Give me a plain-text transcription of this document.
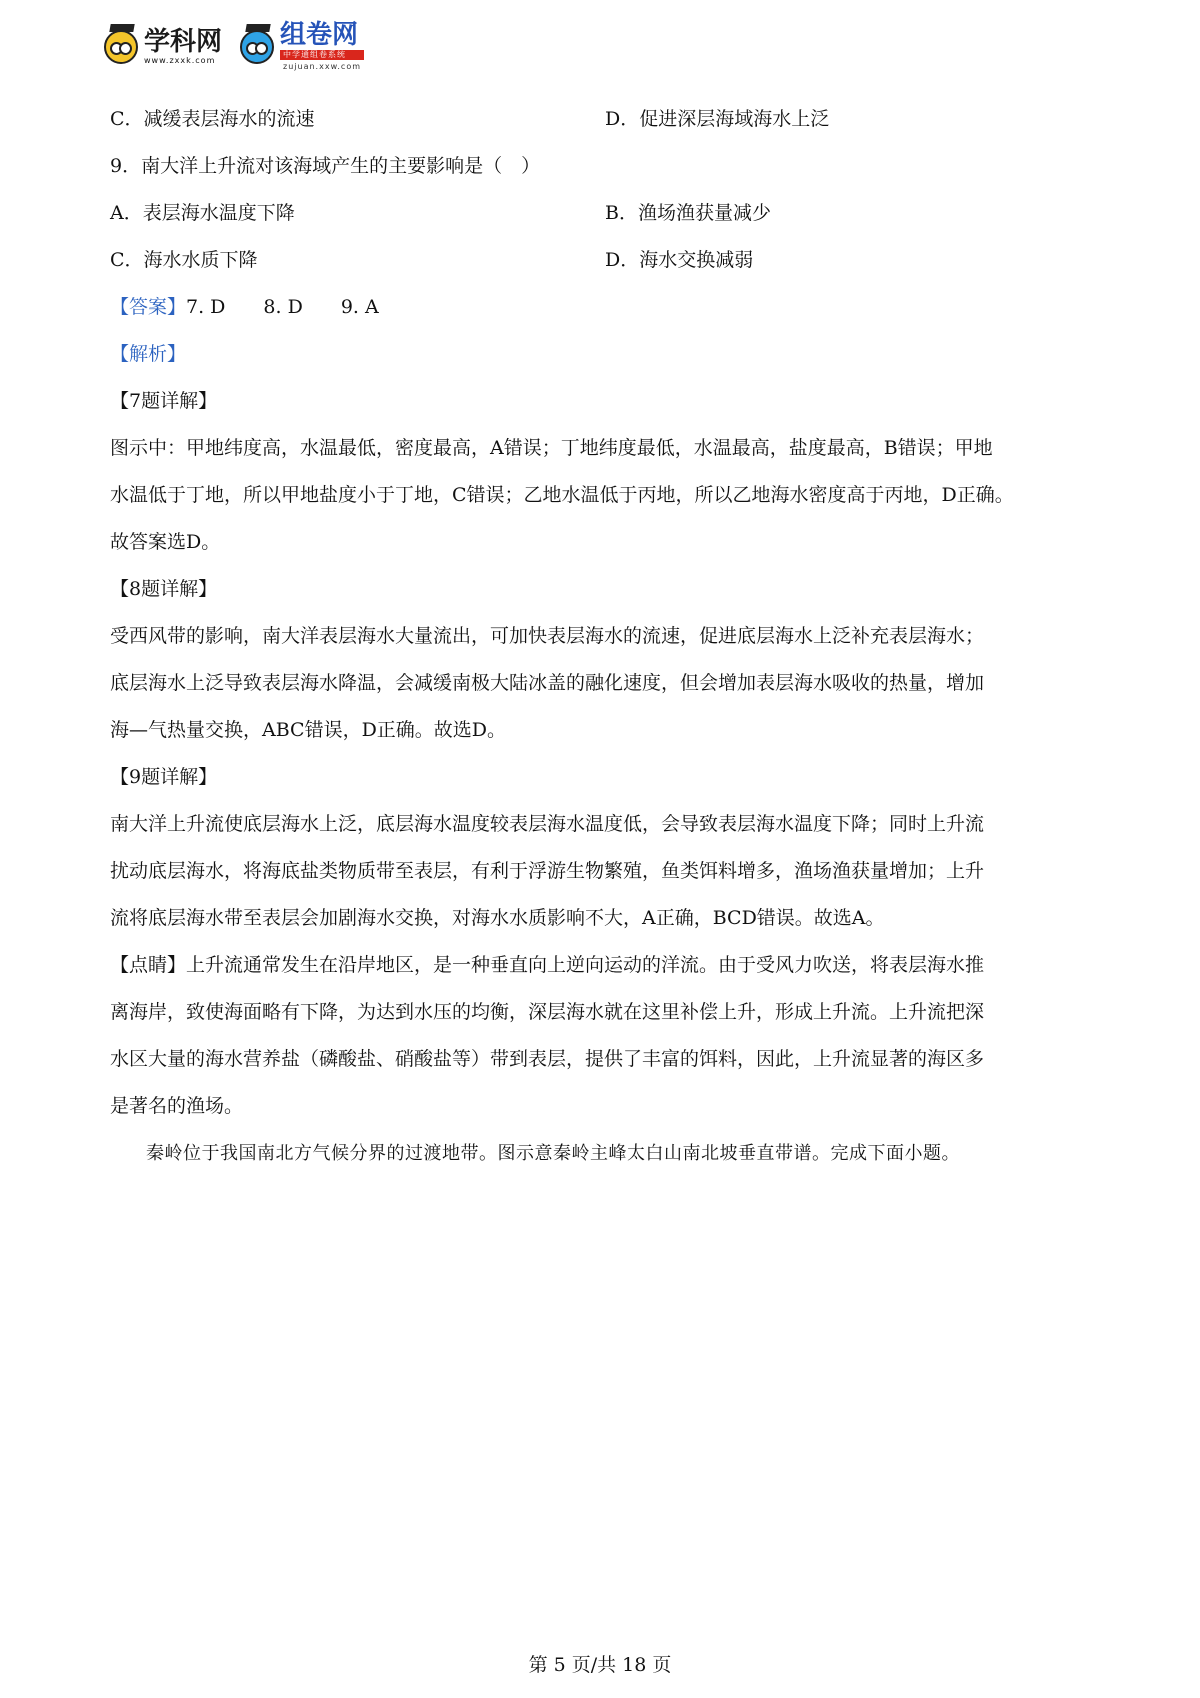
学科网
www.zxxk.com
组卷网
中学通组卷系统
zujuan.xxw.com
C．减缓表层海水的流速	D．促进深层海域海水上泛
9．南大洋上升流对该海域产生的主要影响是（　）
A．表层海水温度下降	B．渔场渔获量减少
C．海水水质下降	D．海水交换减弱
【答案】7. D　　8. D　　9. A
【解析】
【7题详解】
图示中：甲地纬度高，水温最低，密度最高，A错误；丁地纬度最低，水温最高，盐度最高，B错误；甲地
水温低于丁地，所以甲地盐度小于丁地，C错误；乙地水温低于丙地，所以乙地海水密度高于丙地，D正确。
故答案选D。
【8题详解】
受西风带的影响，南大洋表层海水大量流出，可加快表层海水的流速，促进底层海水上泛补充表层海水；
底层海水上泛导致表层海水降温，会减缓南极大陆冰盖的融化速度，但会增加表层海水吸收的热量，增加
海—气热量交换，ABC错误，D正确。故选D。
【9题详解】
南大洋上升流使底层海水上泛，底层海水温度较表层海水温度低，会导致表层海水温度下降；同时上升流
扰动底层海水，将海底盐类物质带至表层，有利于浮游生物繁殖，鱼类饵料增多，渔场渔获量增加；上升
流将底层海水带至表层会加剧海水交换，对海水水质影响不大，A正确，BCD错误。故选A。
【点睛】上升流通常发生在沿岸地区，是一种垂直向上逆向运动的洋流。由于受风力吹送，将表层海水推
离海岸，致使海面略有下降，为达到水压的均衡，深层海水就在这里补偿上升，形成上升流。上升流把深
水区大量的海水营养盐（磷酸盐、硝酸盐等）带到表层，提供了丰富的饵料，因此，上升流显著的海区多
是著名的渔场。
秦岭位于我国南北方气候分界的过渡地带。图示意秦岭主峰太白山南北坡垂直带谱。完成下面小题。
第 5 页/共 18 页
